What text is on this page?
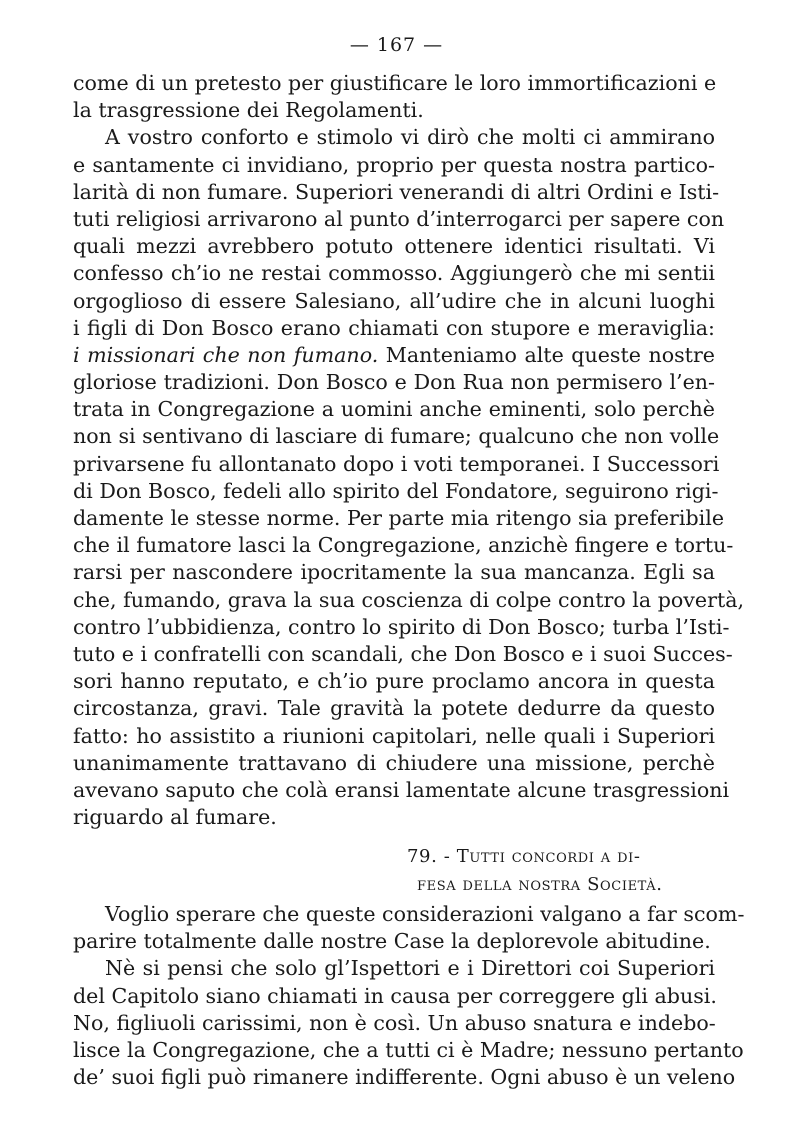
— 167 —
come di un pretesto per giustificare le loro immortificazioni e
la trasgressione dei Regolamenti.
A vostro conforto e stimolo vi dirò che molti ci ammirano
e santamente ci invidiano, proprio per questa nostra partico-
larità di non fumare. Superiori venerandi di altri Ordini e Isti-
tuti religiosi arrivarono al punto d’interrogarci per sapere con
quali mezzi avrebbero potuto ottenere identici risultati. Vi
confesso ch’io ne restai commosso. Aggiungerò che mi sentii
orgoglioso di essere Salesiano, all’udire che in alcuni luoghi
i figli di Don Bosco erano chiamati con stupore e meraviglia:
i missionari che non fumano. Manteniamo alte queste nostre
gloriose tradizioni. Don Bosco e Don Rua non permisero l’en-
trata in Congregazione a uomini anche eminenti, solo perchè
non si sentivano di lasciare di fumare; qualcuno che non volle
privarsene fu allontanato dopo i voti temporanei. I Successori
di Don Bosco, fedeli allo spirito del Fondatore, seguirono rigi-
damente le stesse norme. Per parte mia ritengo sia preferibile
che il fumatore lasci la Congregazione, anzichè fingere e tortu-
rarsi per nascondere ipocritamente la sua mancanza. Egli sa
che, fumando, grava la sua coscienza di colpe contro la povertà,
contro l’ubbidienza, contro lo spirito di Don Bosco; turba l’Isti-
tuto e i confratelli con scandali, che Don Bosco e i suoi Succes-
sori hanno reputato, e ch’io pure proclamo ancora in questa
circostanza, gravi. Tale gravità la potete dedurre da questo
fatto: ho assistito a riunioni capitolari, nelle quali i Superiori
unanimamente trattavano di chiudere una missione, perchè
avevano saputo che colà eransi lamentate alcune trasgressioni
riguardo al fumare.
79. - Tutti concordi a di-
fesa della nostra Società.
Voglio sperare che queste considerazioni valgano a far scom-
parire totalmente dalle nostre Case la deplorevole abitudine.
Nè si pensi che solo gl’Ispettori e i Direttori coi Superiori
del Capitolo siano chiamati in causa per correggere gli abusi.
No, figliuoli carissimi, non è così. Un abuso snatura e indebo-
lisce la Congregazione, che a tutti ci è Madre; nessuno pertanto
de’ suoi figli può rimanere indifferente. Ogni abuso è un veleno
